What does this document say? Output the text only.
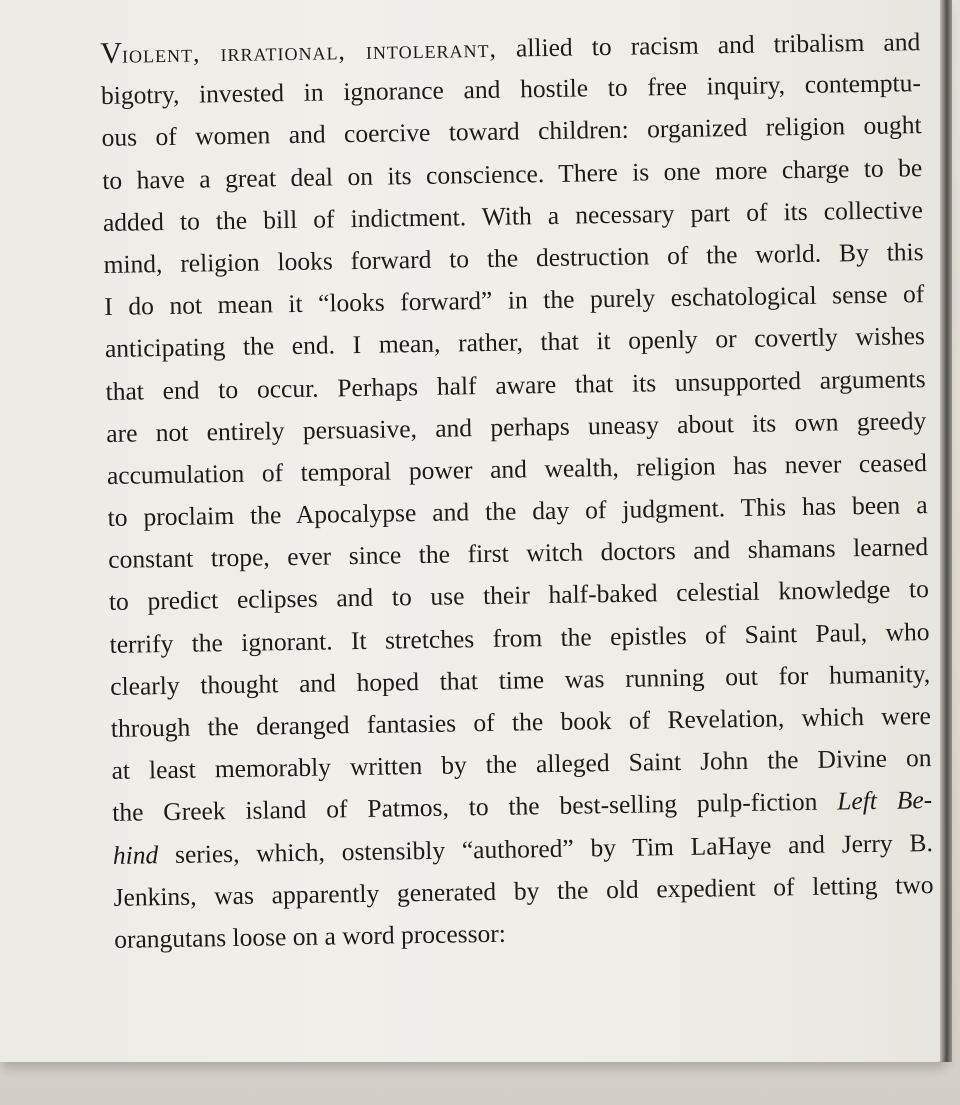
Violent, irrational, intolerant, allied to racism and tribalism and
bigotry, invested in ignorance and hostile to free inquiry, contemptu-
ous of women and coercive toward children: organized religion ought
to have a great deal on its conscience. There is one more charge to be
added to the bill of indictment. With a necessary part of its collective
mind, religion looks forward to the destruction of the world. By this
I do not mean it “looks forward” in the purely eschatological sense of
anticipating the end. I mean, rather, that it openly or covertly wishes
that end to occur. Perhaps half aware that its unsupported arguments
are not entirely persuasive, and perhaps uneasy about its own greedy
accumulation of temporal power and wealth, religion has never ceased
to proclaim the Apocalypse and the day of judgment. This has been a
constant trope, ever since the first witch doctors and shamans learned
to predict eclipses and to use their half-baked celestial knowledge to
terrify the ignorant. It stretches from the epistles of Saint Paul, who
clearly thought and hoped that time was running out for humanity,
through the deranged fantasies of the book of Revelation, which were
at least memorably written by the alleged Saint John the Divine on
the Greek island of Patmos, to the best-selling pulp-fiction Left Be-
hind series, which, ostensibly “authored” by Tim LaHaye and Jerry B.
Jenkins, was apparently generated by the old expedient of letting two
orangutans loose on a word processor:
